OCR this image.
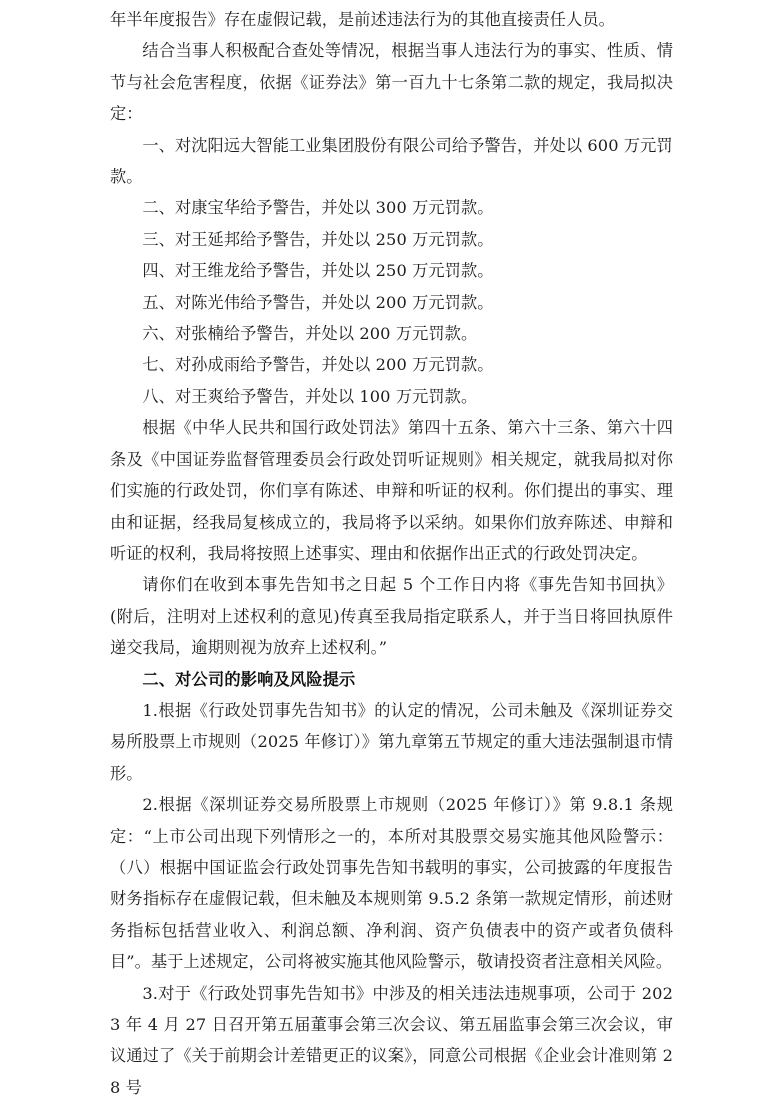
年半年度报告》存在虚假记载，是前述违法行为的其他直接责任人员。

结合当事人积极配合查处等情况，根据当事人违法行为的事实、性质、情节与社会危害程度，依据《证券法》第一百九十七条第二款的规定，我局拟决定：

一、对沈阳远大智能工业集团股份有限公司给予警告，并处以 600 万元罚款。

二、对康宝华给予警告，并处以 300 万元罚款。

三、对王延邦给予警告，并处以 250 万元罚款。

四、对王维龙给予警告，并处以 250 万元罚款。

五、对陈光伟给予警告，并处以 200 万元罚款。

六、对张楠给予警告，并处以 200 万元罚款。

七、对孙成雨给予警告，并处以 200 万元罚款。

八、对王爽给予警告，并处以 100 万元罚款。

根据《中华人民共和国行政处罚法》第四十五条、第六十三条、第六十四条及《中国证券监督管理委员会行政处罚听证规则》相关规定，就我局拟对你们实施的行政处罚，你们享有陈述、申辩和听证的权利。你们提出的事实、理由和证据，经我局复核成立的，我局将予以采纳。如果你们放弃陈述、申辩和听证的权利，我局将按照上述事实、理由和依据作出正式的行政处罚决定。

请你们在收到本事先告知书之日起 5 个工作日内将《事先告知书回执》(附后，注明对上述权利的意见)传真至我局指定联系人，并于当日将回执原件递交我局，逾期则视为放弃上述权利。”

二、对公司的影响及风险提示

1.根据《行政处罚事先告知书》的认定的情况，公司未触及《深圳证券交易所股票上市规则（2025 年修订）》第九章第五节规定的重大违法强制退市情形。

2.根据《深圳证券交易所股票上市规则（2025 年修订）》第 9.8.1 条规定：“上市公司出现下列情形之一的，本所对其股票交易实施其他风险警示：（八）根据中国证监会行政处罚事先告知书载明的事实，公司披露的年度报告财务指标存在虚假记载，但未触及本规则第 9.5.2 条第一款规定情形，前述财务指标包括营业收入、利润总额、净利润、资产负债表中的资产或者负债科目”。基于上述规定，公司将被实施其他风险警示，敬请投资者注意相关风险。

3.对于《行政处罚事先告知书》中涉及的相关违法违规事项，公司于 2023 年 4 月 27 日召开第五届董事会第三次会议、第五届监事会第三次会议，审议通过了《关于前期会计差错更正的议案》，同意公司根据《企业会计准则第 28 号
